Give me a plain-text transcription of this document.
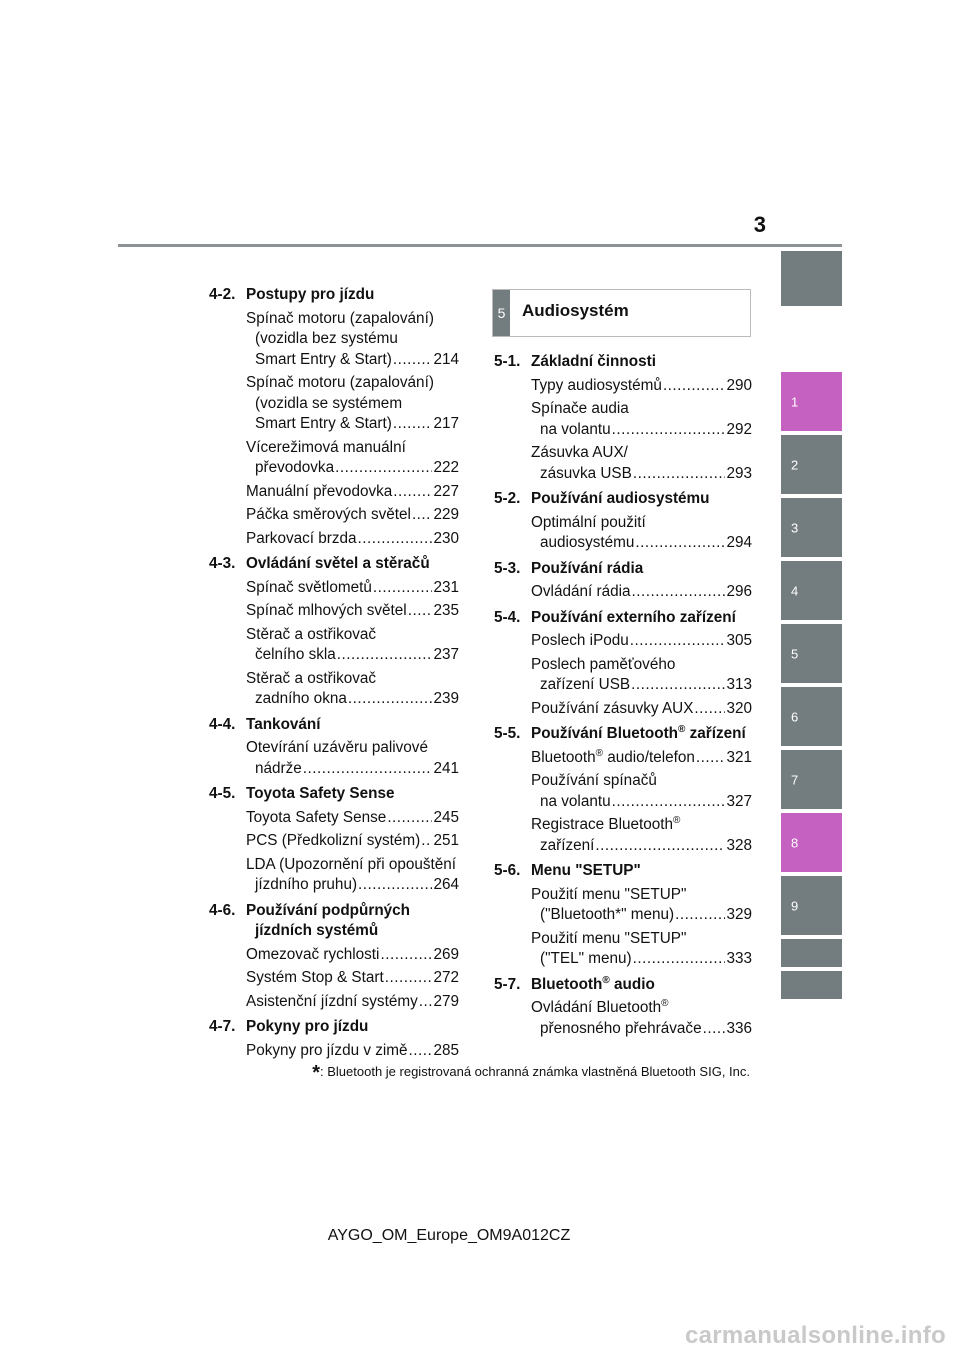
3
1
2
3
4
5
6
7
8
9
4-2. Postupy pro jízdu
Spínač motoru (zapalování)
(vozidla bez systému
Smart Entry & Start) .....	214
Spínač motoru (zapalování)
(vozidla se systémem
Smart Entry & Start) .....	217
Vícerežimová manuální
převodovka .....	222
Manuální převodovka .....	227
Páčka směrových světel ..... 229
Parkovací brzda .....	230
4-3. Ovládání světel a stěračů
Spínač světlometů .....	231
Spínač mlhových světel ..... 235
Stěrač a ostřikovač
čelního skla .....	237
Stěrač a ostřikovač
zadního okna .....	239
4-4. Tankování
Otevírání uzávěru palivové
nádrže .....	241
4-5. Toyota Safety Sense
Toyota Safety Sense .....	245
PCS (Předkolizní systém) ..... 251
LDA (Upozornění při opouštění
jízdního pruhu) .....	264
4-6. Používání podpůrných
jízdních systémů
Omezovač rychlosti .....	269
Systém Stop & Start .....	272
Asistenční jízdní systémy ..... 279
4-7. Pokyny pro jízdu
Pokyny pro jízdu v zimě ..... 285
5 Audiosystém
5-1. Základní činnosti
Typy audiosystémů .....	290
Spínače audia
na volantu .....	292
Zásuvka AUX/
zásuvka USB .....	293
5-2. Používání audiosystému
Optimální použití
audiosystému .....	294
5-3. Používání rádia
Ovládání rádia .....	296
5-4. Používání externího zařízení
Poslech iPodu .....	305
Poslech paměťového
zařízení USB .....	313
Používání zásuvky AUX ..... 320
5-5. Používání Bluetooth® zařízení
Bluetooth® audio/telefon ..... 321
Používání spínačů
na volantu .....	327
Registrace Bluetooth®
zařízení .....	328
5-6. Menu "SETUP"
Použití menu "SETUP"
("Bluetooth*" menu) .....	329
Použití menu "SETUP"
("TEL" menu) .....	333
5-7. Bluetooth® audio
Ovládání Bluetooth®
přenosného přehrávače ..... 336
*: Bluetooth je registrovaná ochranná známka vlastněná Bluetooth SIG, Inc.
AYGO_OM_Europe_OM9A012CZ
carmanualsonline.info
